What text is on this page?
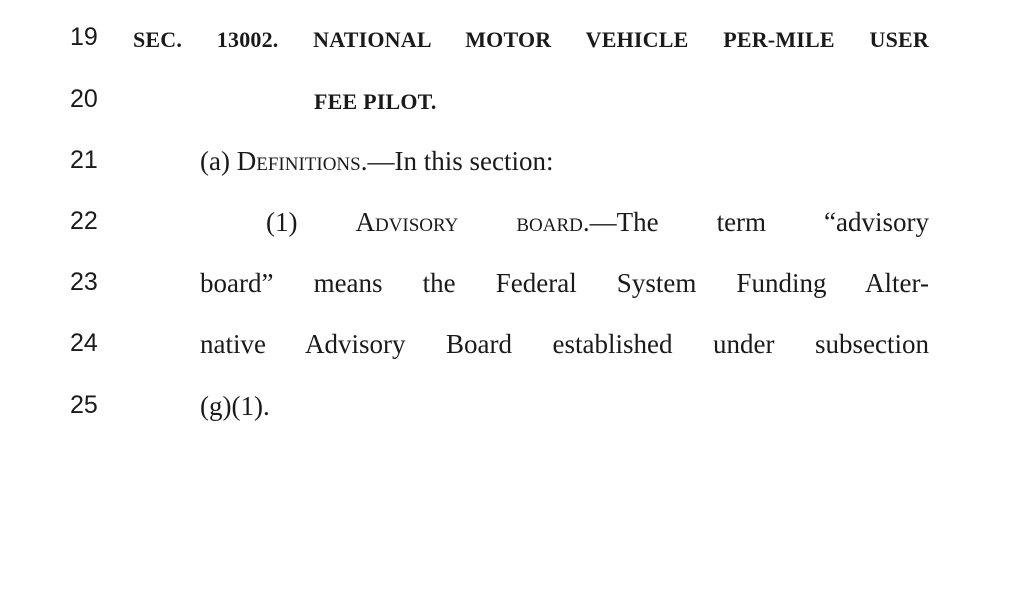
19	SEC. 13002. NATIONAL MOTOR VEHICLE PER-MILE USER
20	FEE PILOT.
21	(a) Definitions.—In this section:
22	(1) Advisory board.—The term “advisory
23	board” means the Federal System Funding Alter-
24	native Advisory Board established under subsection
25	(g)(1).
